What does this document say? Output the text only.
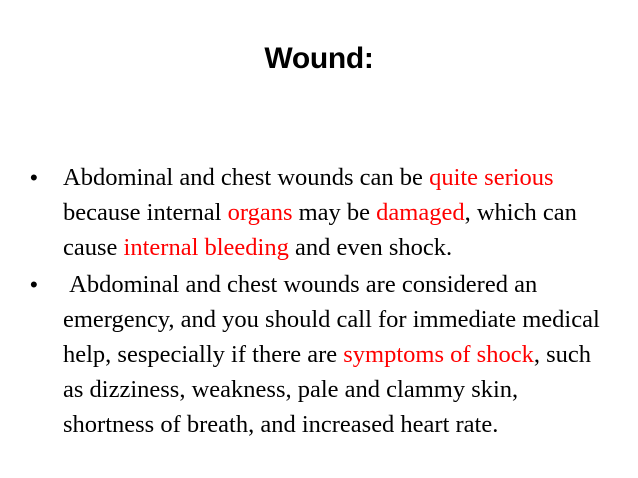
Wound:
• Abdominal and chest wounds can be quite serious because internal organs may be damaged, which can cause internal bleeding and even shock.
• Abdominal and chest wounds are considered an emergency, and you should call for immediate medical help, sespecially if there are symptoms of shock, such as dizziness, weakness, pale and clammy skin, shortness of breath, and increased heart rate.
